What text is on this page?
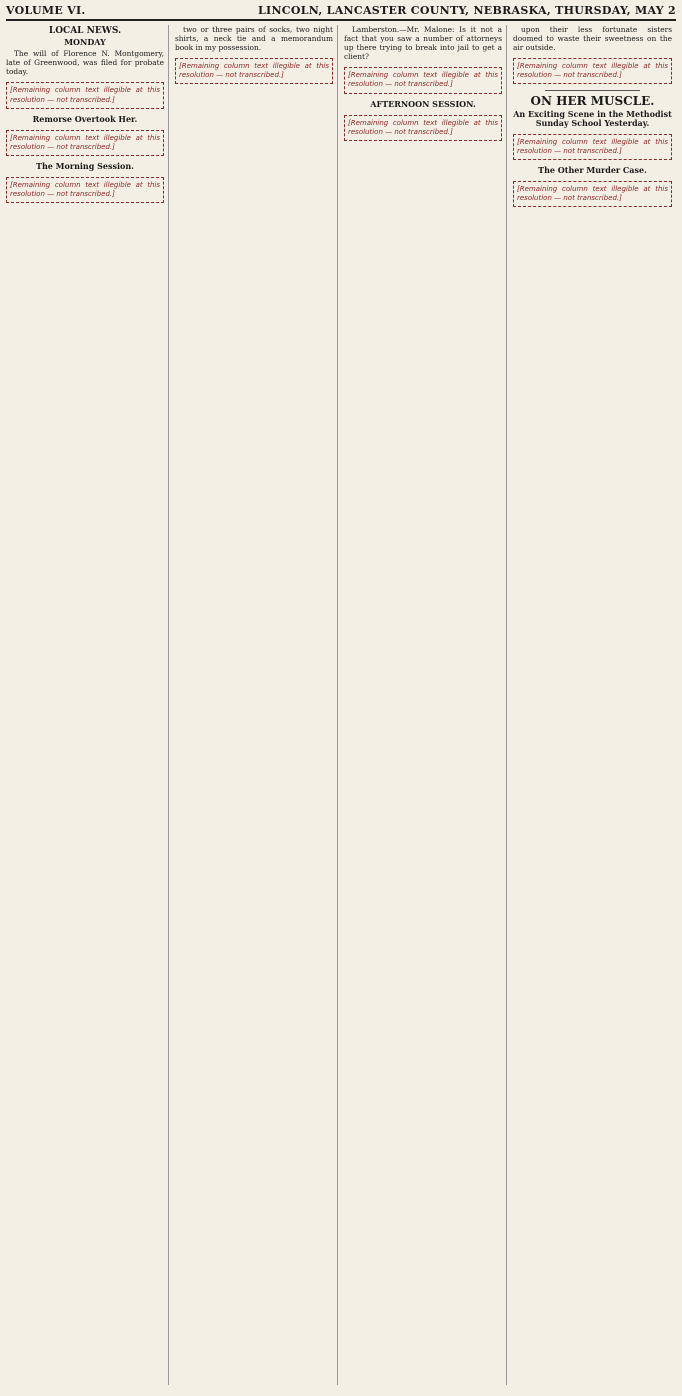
VOLUME VI.	LINCOLN, LANCASTER COUNTY, NEBRASKA, THURSDAY, MAY 2
LOCAL NEWS.
MONDAY

The will of Florence N. Montgomery, late of Greenwood, was filed for probate today.

[Remaining column text illegible at this resolution — not transcribed.]
Remorse Overtook Her.
[Remaining column text illegible at this resolution — not transcribed.]
The Morning Session.
[Remaining column text illegible at this resolution — not transcribed.]

two or three pairs of socks, two night shirts, a neck tie and a memorandum book in my possession.

[Remaining column text illegible at this resolution — not transcribed.]

Lamberston.—Mr. Malone: Is it not a fact that you saw a number of attorneys up there trying to break into jail to get a client?

[Remaining column text illegible at this resolution — not transcribed.]
AFTERNOON SESSION.
[Remaining column text illegible at this resolution — not transcribed.]

upon their less fortunate sisters doomed to waste their sweetness on the air outside.

[Remaining column text illegible at this resolution — not transcribed.]
ON HER MUSCLE.
An Exciting Scene in the Methodist Sunday School Yesterday.
[Remaining column text illegible at this resolution — not transcribed.]
The Other Murder Case.
[Remaining column text illegible at this resolution — not transcribed.]
